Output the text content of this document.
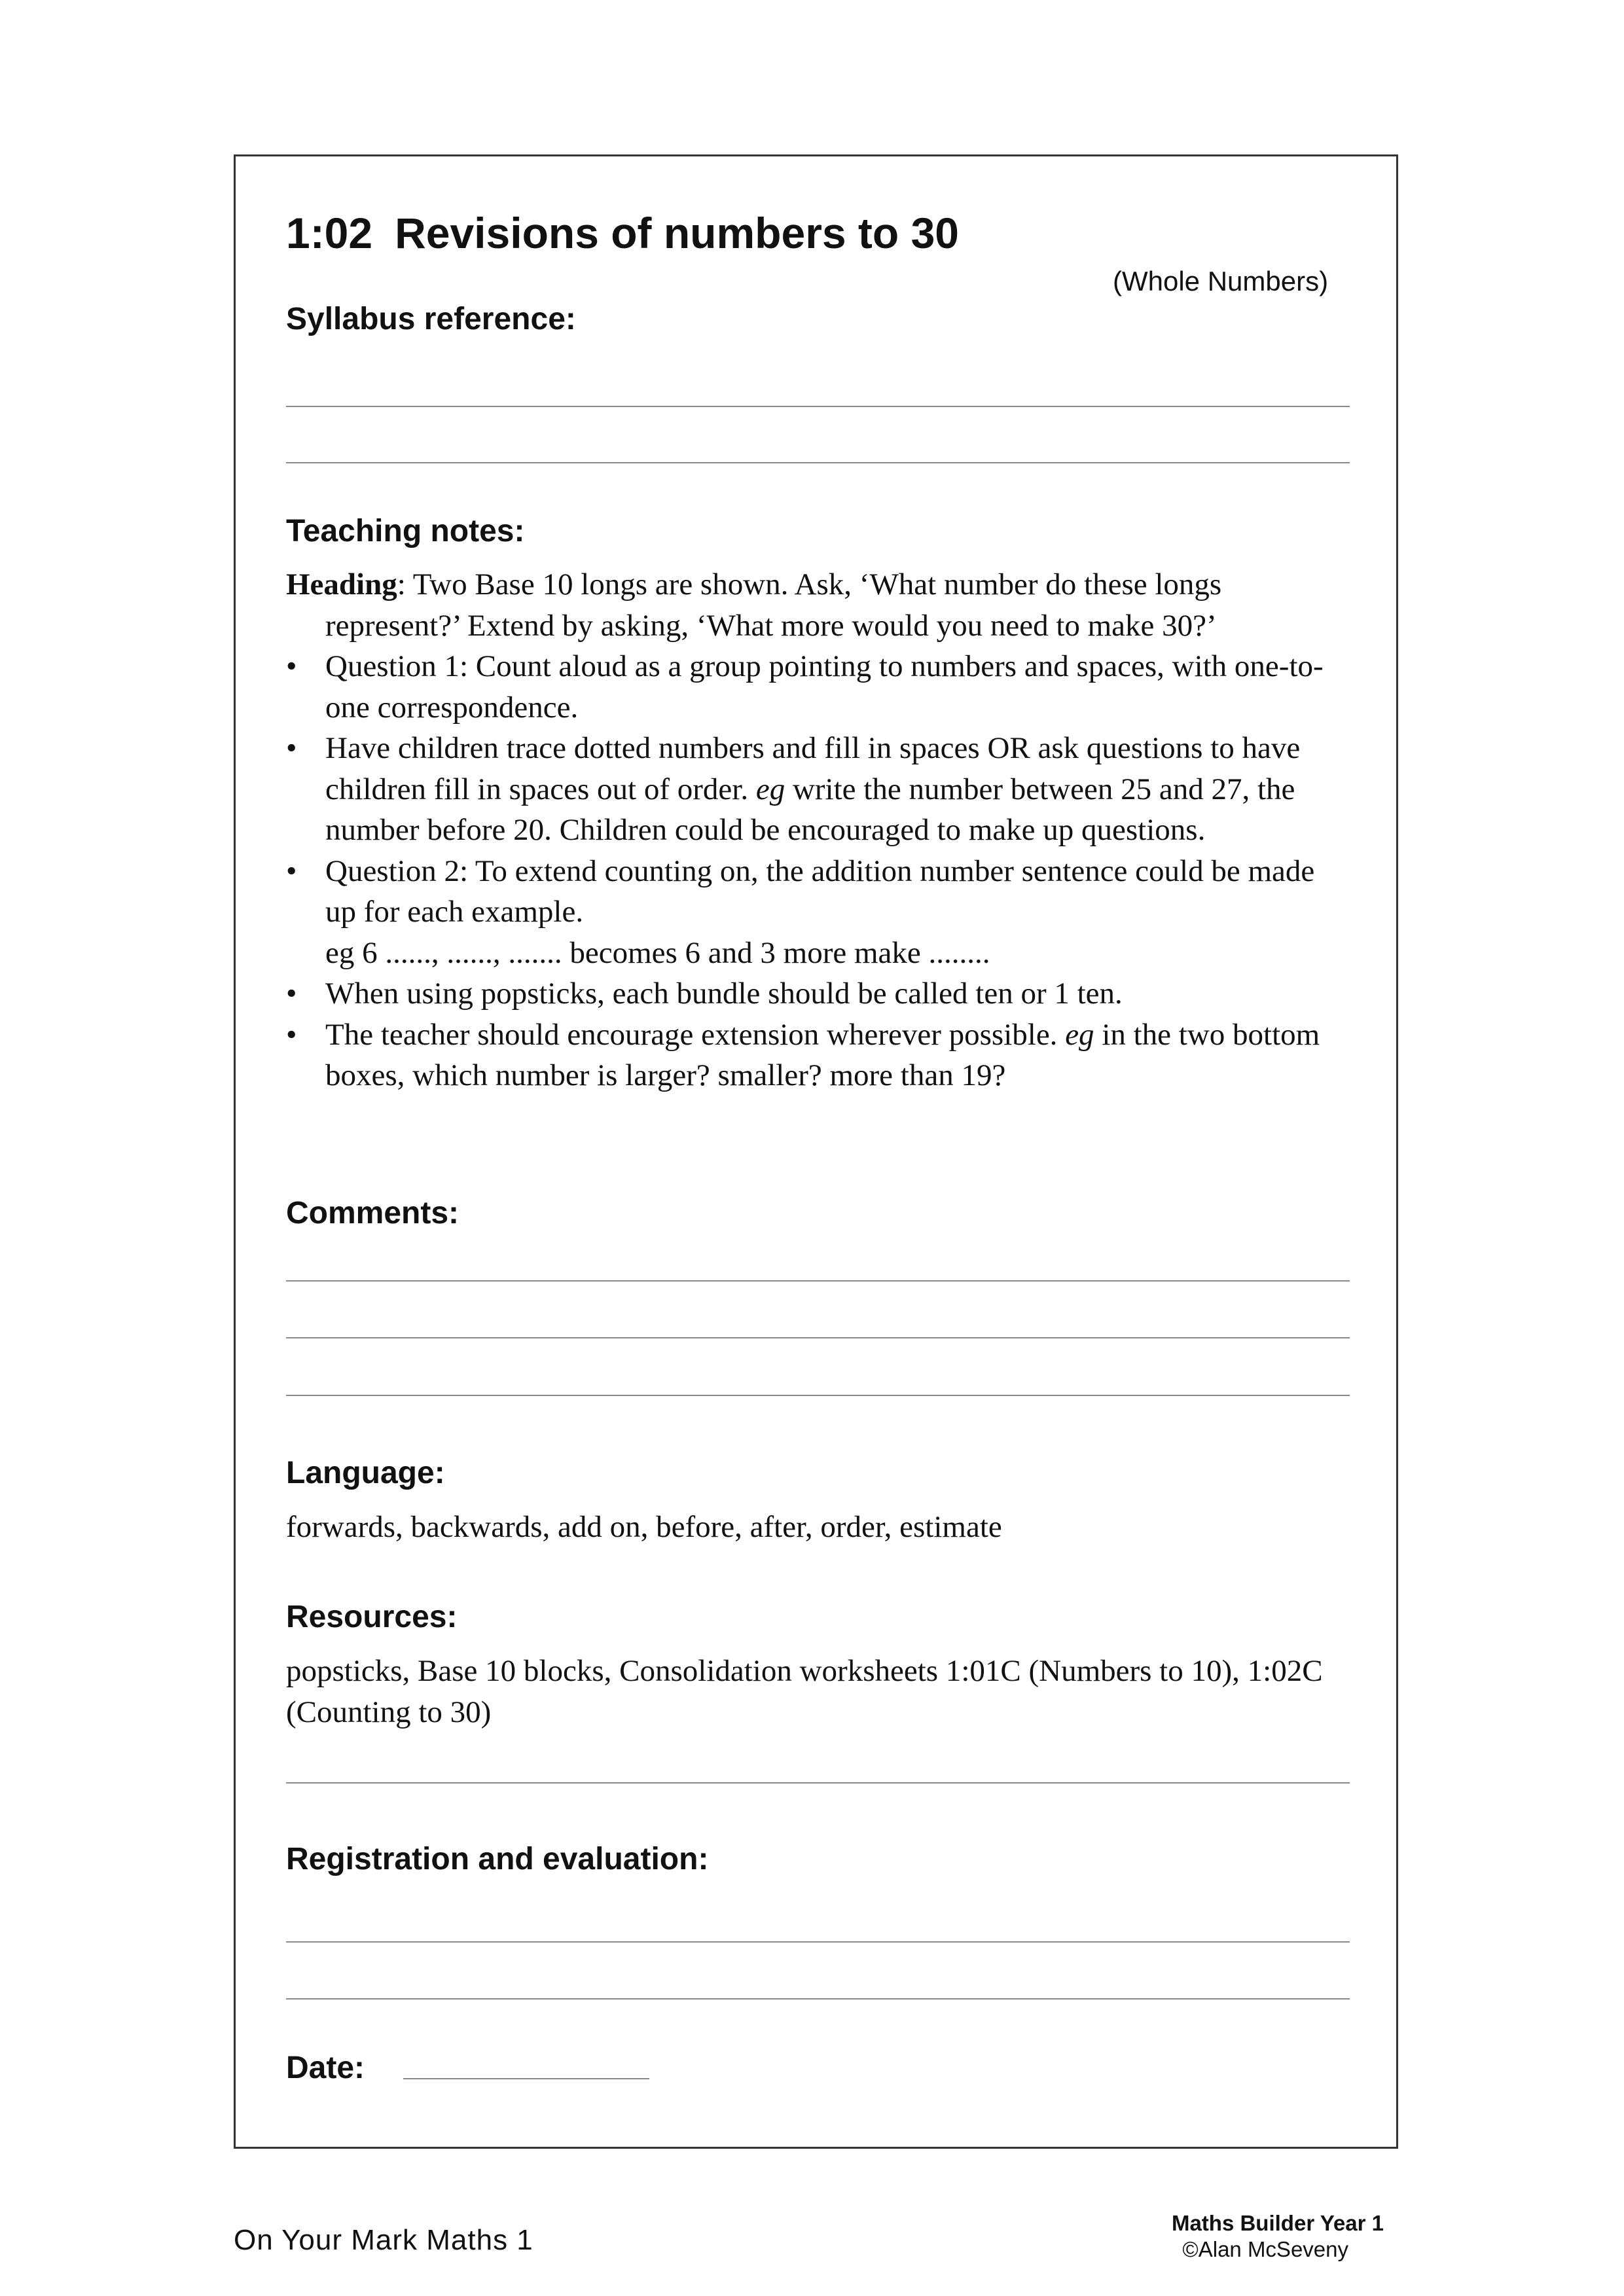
1:02 Revisions of numbers to 30
(Whole Numbers)
Syllabus reference:
Teaching notes:

Heading: Two Base 10 longs are shown. Ask, ‘What number do these longs represent?’ Extend by asking, ‘What more would you need to make 30?’

• Question 1: Count aloud as a group pointing to numbers and spaces, with one-to-one correspondence.
• Have children trace dotted numbers and fill in spaces OR ask questions to have children fill in spaces out of order. eg write the number between 25 and 27, the number before 20. Children could be encouraged to make up questions.
• Question 2: To extend counting on, the addition number sentence could be made up for each example.
eg 6 ......, ......, ....... becomes 6 and 3 more make ........
• When using popsticks, each bundle should be called ten or 1 ten.
• The teacher should encourage extension wherever possible. eg in the two bottom boxes, which number is larger? smaller? more than 19?
Comments:
Language:
forwards, backwards, add on, before, after, order, estimate
Resources:
popsticks, Base 10 blocks, Consolidation worksheets 1:01C (Numbers to 10), 1:02C (Counting to 30)
Registration and evaluation:
Date:
On Your Mark Maths 1
Maths Builder Year 1
©Alan McSeveny
